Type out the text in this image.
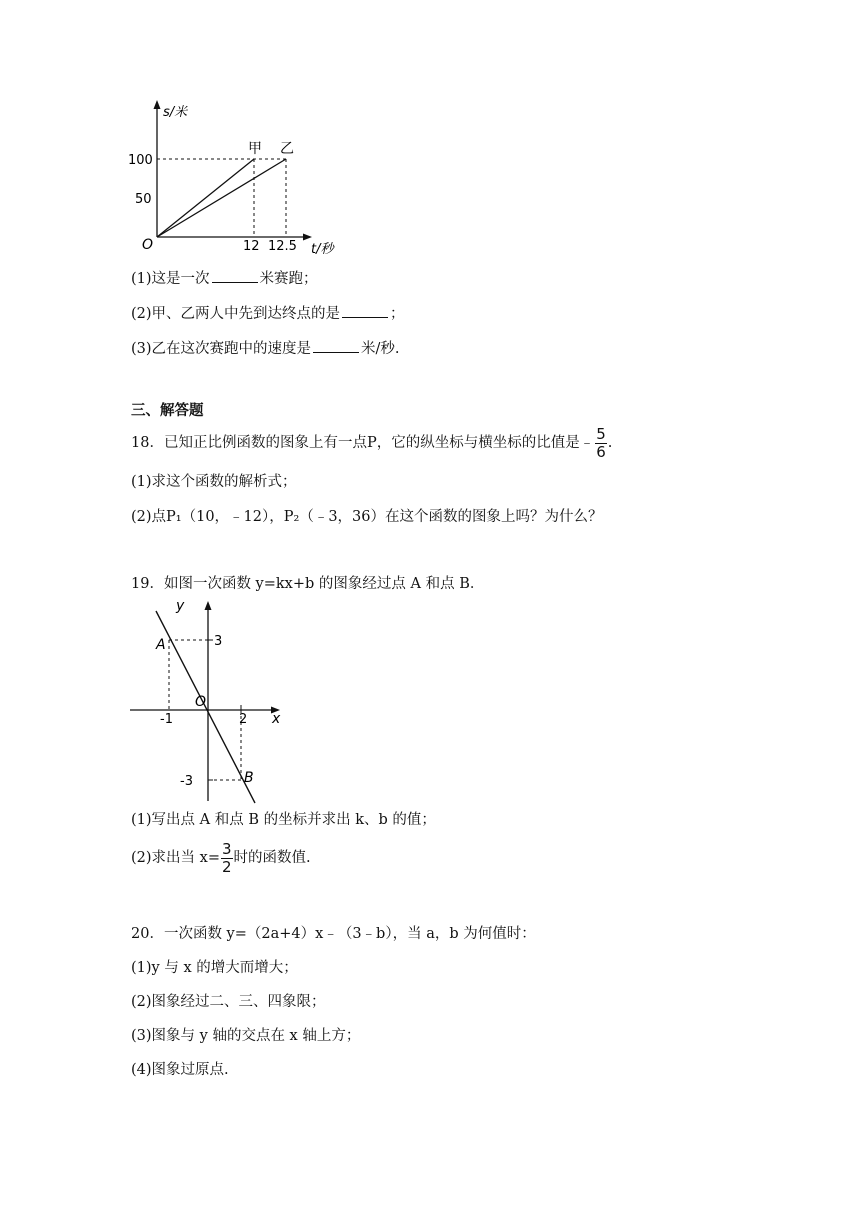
s/米
100
50
O	12 12.5 t/秒
甲 乙
(1)这是一次	米赛跑；
(2)甲、乙两人中先到达终点的是	；
(3)乙在这次赛跑中的速度是	米/秒.
三、解答题
18．已知正比例函数的图象上有一点P，它的纵坐标与横坐标的比值是﹣ $\frac{5}{6}$ .
(1)求这个函数的解析式；
(2)点P₁（10，﹣12），P₂（﹣3，36）在这个函数的图象上吗？为什么？
19．如图一次函数 y=kx+b 的图象经过点 A 和点 B．
y
x
3
A
O
-1	2
-3	B
(1)写出点 A 和点 B 的坐标并求出 k、b 的值；
(2)求出当 $x= \frac{3}{2}$ 时的函数值.
20．一次函数 y=（2a+4）x﹣（3﹣b），当 a，b 为何值时：
(1)y 与 x 的增大而增大；
(2)图象经过二、三、四象限；
(3)图象与 y 轴的交点在 x 轴上方；
(4)图象过原点.
